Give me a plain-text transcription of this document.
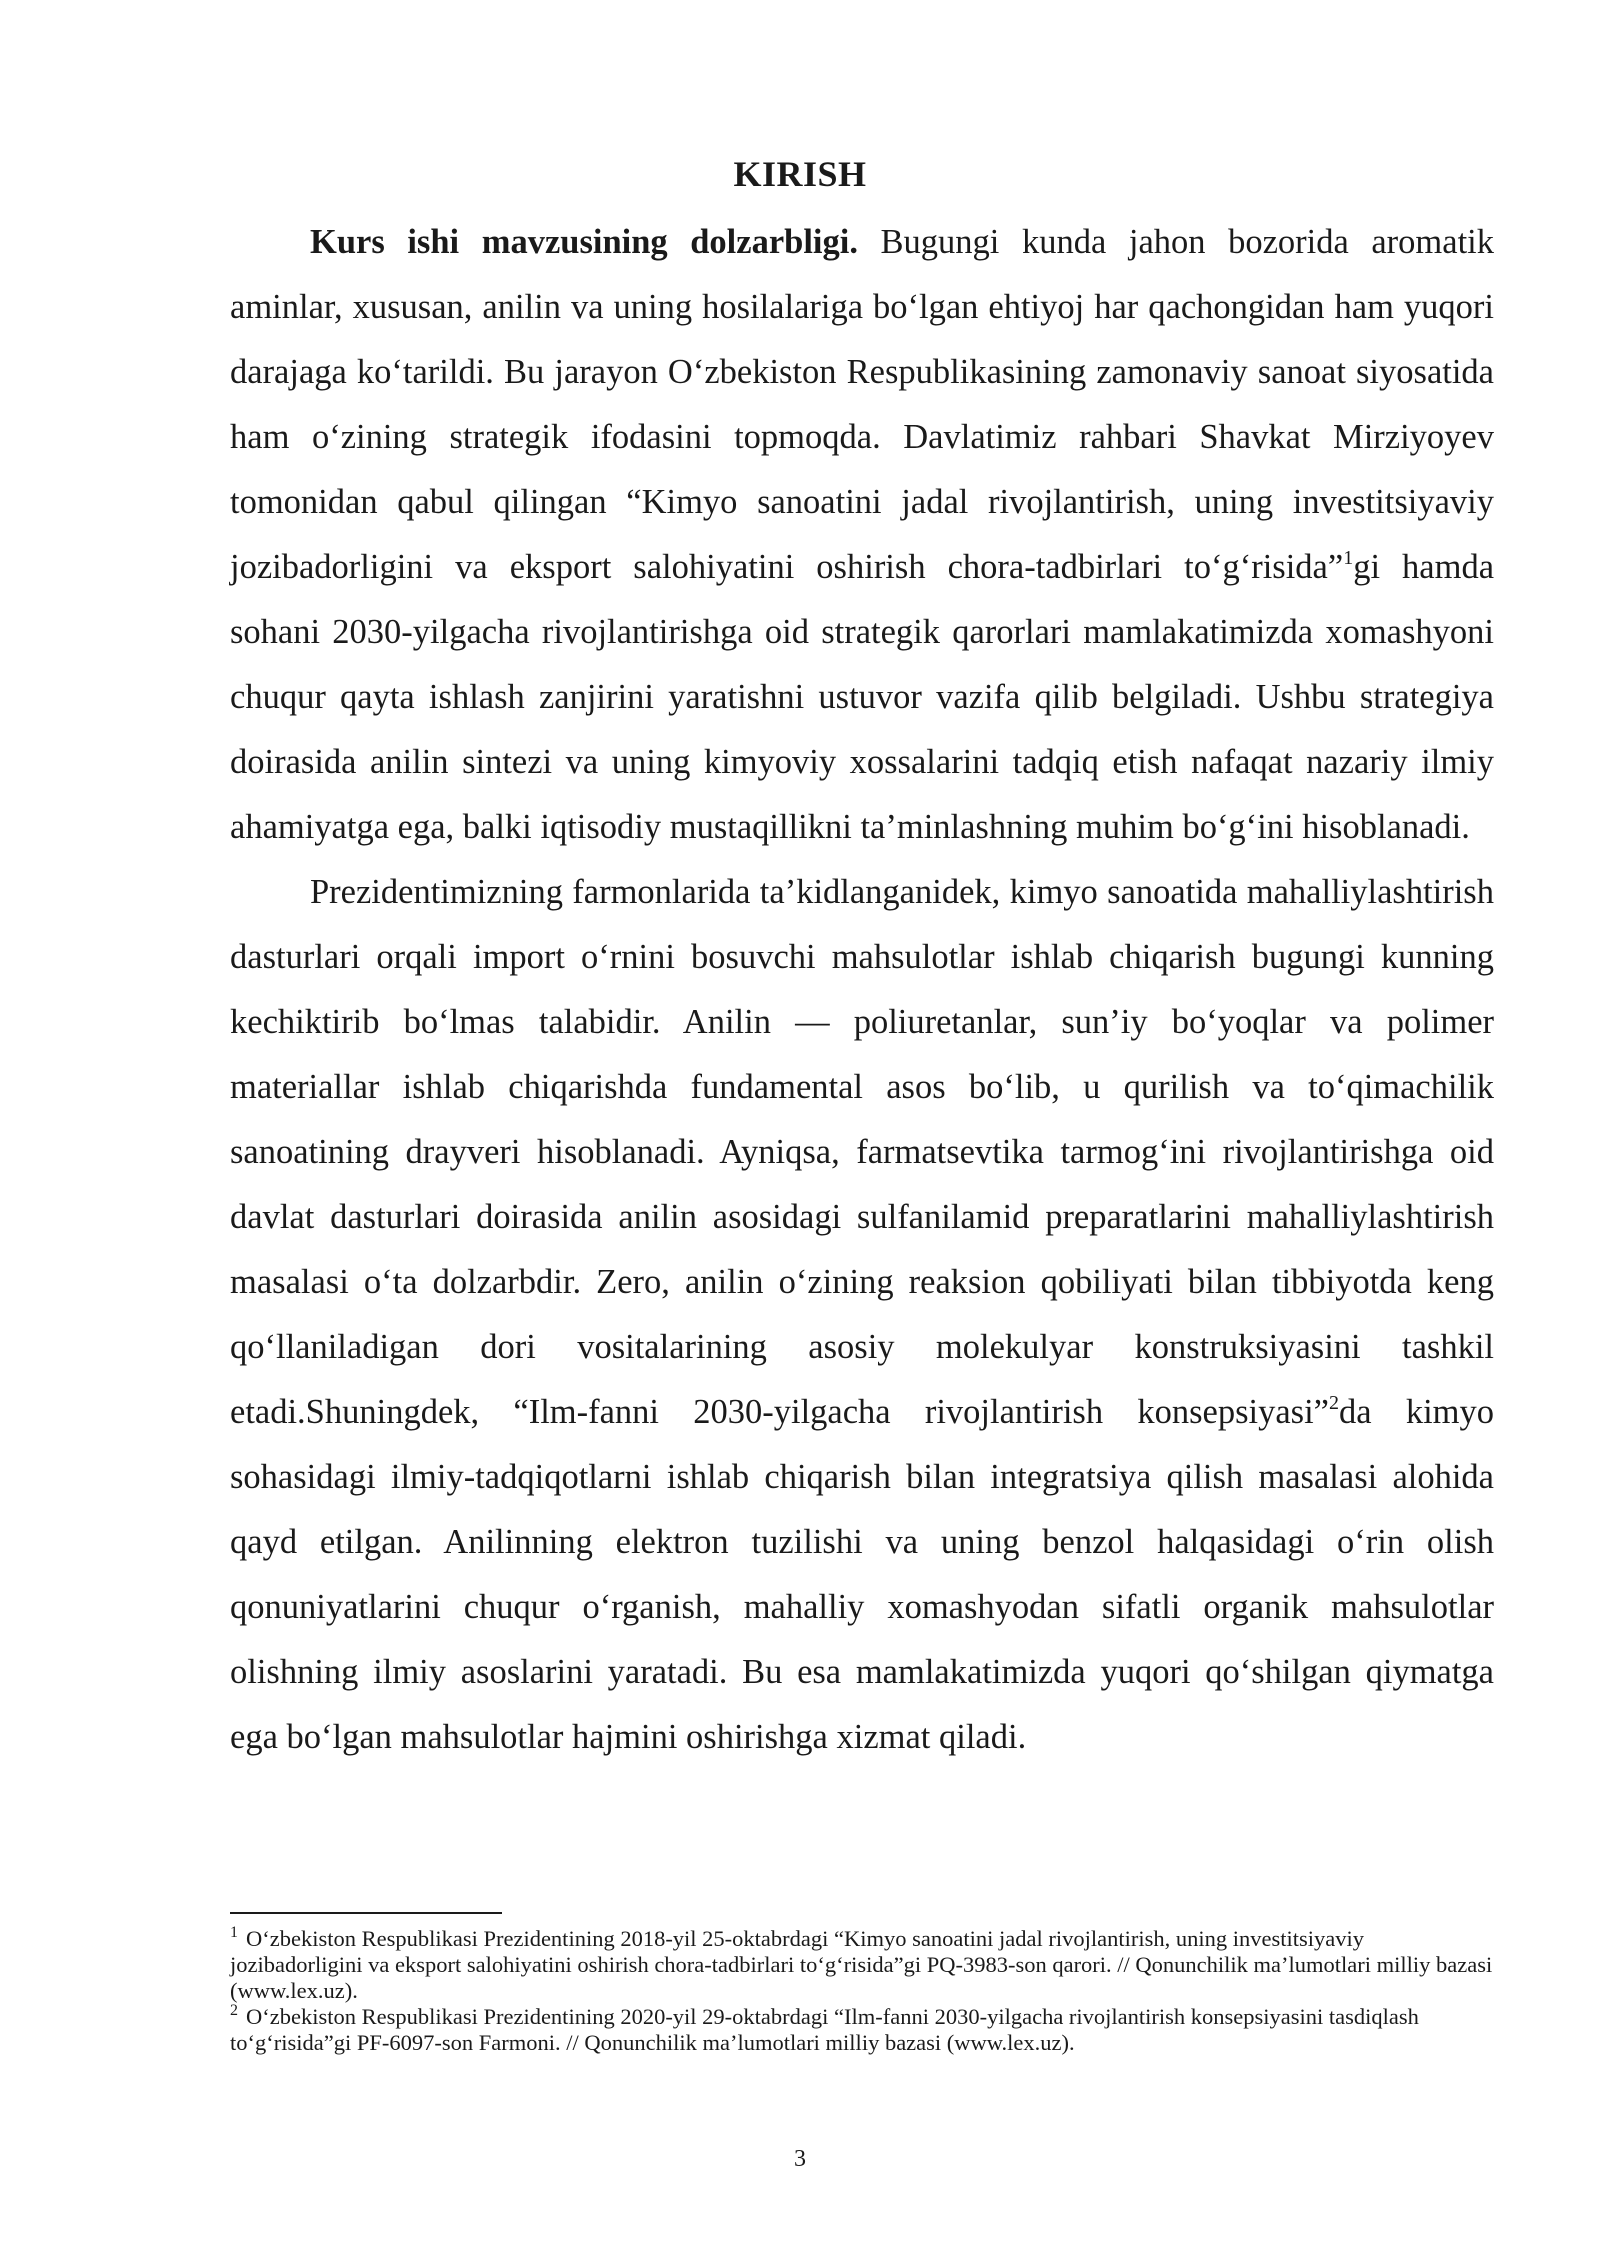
KIRISH

Kurs ishi mavzusining dolzarbligi. Bugungi kunda jahon bozorida aromatik aminlar, xususan, anilin va uning hosilalariga boʻlgan ehtiyoj har qachongidan ham yuqori darajaga koʻtarildi. Bu jarayon Oʻzbekiston Respublikasining zamonaviy sanoat siyosatida ham oʻzining strategik ifodasini topmoqda. Davlatimiz rahbari Shavkat Mirziyoyev tomonidan qabul qilingan “Kimyo sanoatini jadal rivojlantirish, uning investitsiyaviy jozibadorligini va eksport salohiyatini oshirish chora-tadbirlari toʻgʻrisida”$^1$gi hamda sohani 2030-yilgacha rivojlantirishga oid strategik qarorlari mamlakatimizda xomashyoni chuqur qayta ishlash zanjirini yaratishni ustuvor vazifa qilib belgiladi. Ushbu strategiya doirasida anilin sintezi va uning kimyoviy xossalarini tadqiq etish nafaqat nazariy ilmiy ahamiyatga ega, balki iqtisodiy mustaqillikni ta’minlashning muhim boʻgʻini hisoblanadi.

Prezidentimizning farmonlarida ta’kidlanganidek, kimyo sanoatida mahalliylashtirish dasturlari orqali import oʻrnini bosuvchi mahsulotlar ishlab chiqarish bugungi kunning kechiktirib boʻlmas talabidir. Anilin — poliuretanlar, sun’iy boʻyoqlar va polimer materiallar ishlab chiqarishda fundamental asos boʻlib, u qurilish va toʻqimachilik sanoatining drayveri hisoblanadi. Ayniqsa, farmatsevtika tarmogʻini rivojlantirishga oid davlat dasturlari doirasida anilin asosidagi sulfanilamid preparatlarini mahalliylashtirish masalasi oʻta dolzarbdir. Zero, anilin oʻzining reaksion qobiliyati bilan tibbiyotda keng qoʻllaniladigan dori vositalarining asosiy molekulyar konstruksiyasini tashkil etadi.Shuningdek, “Ilm-fanni 2030-yilgacha rivojlantirish konsepsiyasi”$^2$da kimyo sohasidagi ilmiy-tadqiqotlarni ishlab chiqarish bilan integratsiya qilish masalasi alohida qayd etilgan. Anilinning elektron tuzilishi va uning benzol halqasidagi oʻrin olish qonuniyatlarini chuqur oʻrganish, mahalliy xomashyodan sifatli organik mahsulotlar olishning ilmiy asoslarini yaratadi. Bu esa mamlakatimizda yuqori qoʻshilgan qiymatga ega boʻlgan mahsulotlar hajmini oshirishga xizmat qiladi.

$^1$ Oʻzbekiston Respublikasi Prezidentining 2018-yil 25-oktabrdagi “Kimyo sanoatini jadal rivojlantirish, uning investitsiyaviy jozibadorligini va eksport salohiyatini oshirish chora-tadbirlari toʻgʻrisida”gi PQ-3983-son qarori. // Qonunchilik ma’lumotlari milliy bazasi (www.lex.uz).

$^2$ Oʻzbekiston Respublikasi Prezidentining 2020-yil 29-oktabrdagi “Ilm-fanni 2030-yilgacha rivojlantirish konsepsiyasini tasdiqlash toʻgʻrisida”gi PF-6097-son Farmoni. // Qonunchilik ma’lumotlari milliy bazasi (www.lex.uz).

3
